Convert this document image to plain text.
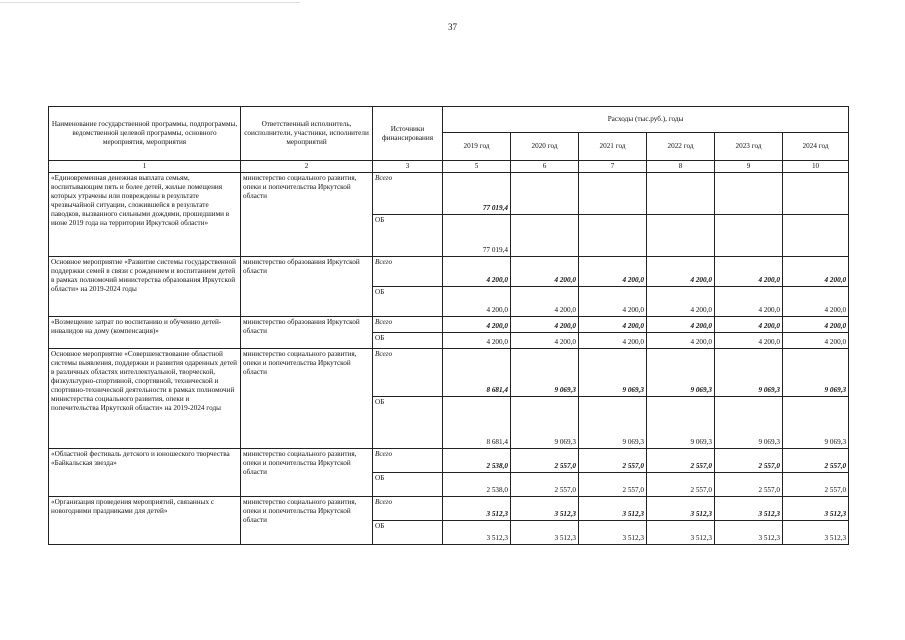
37
Наименование государственной программы, подпрограммы, ведомственной целевой программы, основного мероприятия, мероприятия	Ответственный исполнитель, соисполнители, участники, исполнители мероприятий	Источники финансирования	Расходы (тыс.руб.), годы					
			2019 год	2020 год	2021 год	2022 год	2023 год	2024 год
1	2	3	5	6	7	8	9	10
«Единовременная денежная выплата семьям, воспитывающим пять и более детей, жилые помещения которых утрачены или повреждены в результате чрезвычайной ситуации, сложившейся в результате паводков, вызванного сильными дождями, прошедшими в июне 2019 года на территории Иркутской области»	министерство социального развития, опеки и попечительства Иркутской области	Всего	77 019,4					
		ОБ	77 019,4					
Основное мероприятие «Развитие системы государственной поддержки семей в связи с рождением и воспитанием детей в рамках полномочий министерства образования Иркутской области» на 2019-2024 годы	министерство образования Иркутской области	Всего	4 200,0	4 200,0	4 200,0	4 200,0	4 200,0	4 200,0
		ОБ	4 200,0	4 200,0	4 200,0	4 200,0	4 200,0	4 200,0
«Возмещение затрат по воспитанию и обучению детей-инвалидов на дому (компенсация)»	министерство образования Иркутской области	Всего	4 200,0	4 200,0	4 200,0	4 200,0	4 200,0	4 200,0
		ОБ	4 200,0	4 200,0	4 200,0	4 200,0	4 200,0	4 200,0
Основное мероприятие «Совершенствование областной системы выявления, поддержки и развития одаренных детей в различных областях интеллектуальной, творческой, физкультурно-спортивной, спортивной, технической и спортивно-технической деятельности в рамках полномочий министерства социального развития, опеки и попечительства Иркутской области» на 2019-2024 годы	министерство социального развития, опеки и попечительства Иркутской области	Всего	8 681,4	9 069,3	9 069,3	9 069,3	9 069,3	9 069,3
		ОБ	8 681,4	9 069,3	9 069,3	9 069,3	9 069,3	9 069,3
«Областной фестиваль детского и юношеского творчества «Байкальская звезда»	министерство социального развития, опеки и попечительства Иркутской области	Всего	2 538,0	2 557,0	2 557,0	2 557,0	2 557,0	2 557,0
		ОБ	2 538,0	2 557,0	2 557,0	2 557,0	2 557,0	2 557,0
«Организация проведения мероприятий, связанных с новогодними праздниками для детей»	министерство социального развития, опеки и попечительства Иркутской области	Всего	3 512,3	3 512,3	3 512,3	3 512,3	3 512,3	3 512,3
		ОБ	3 512,3	3 512,3	3 512,3	3 512,3	3 512,3	3 512,3
